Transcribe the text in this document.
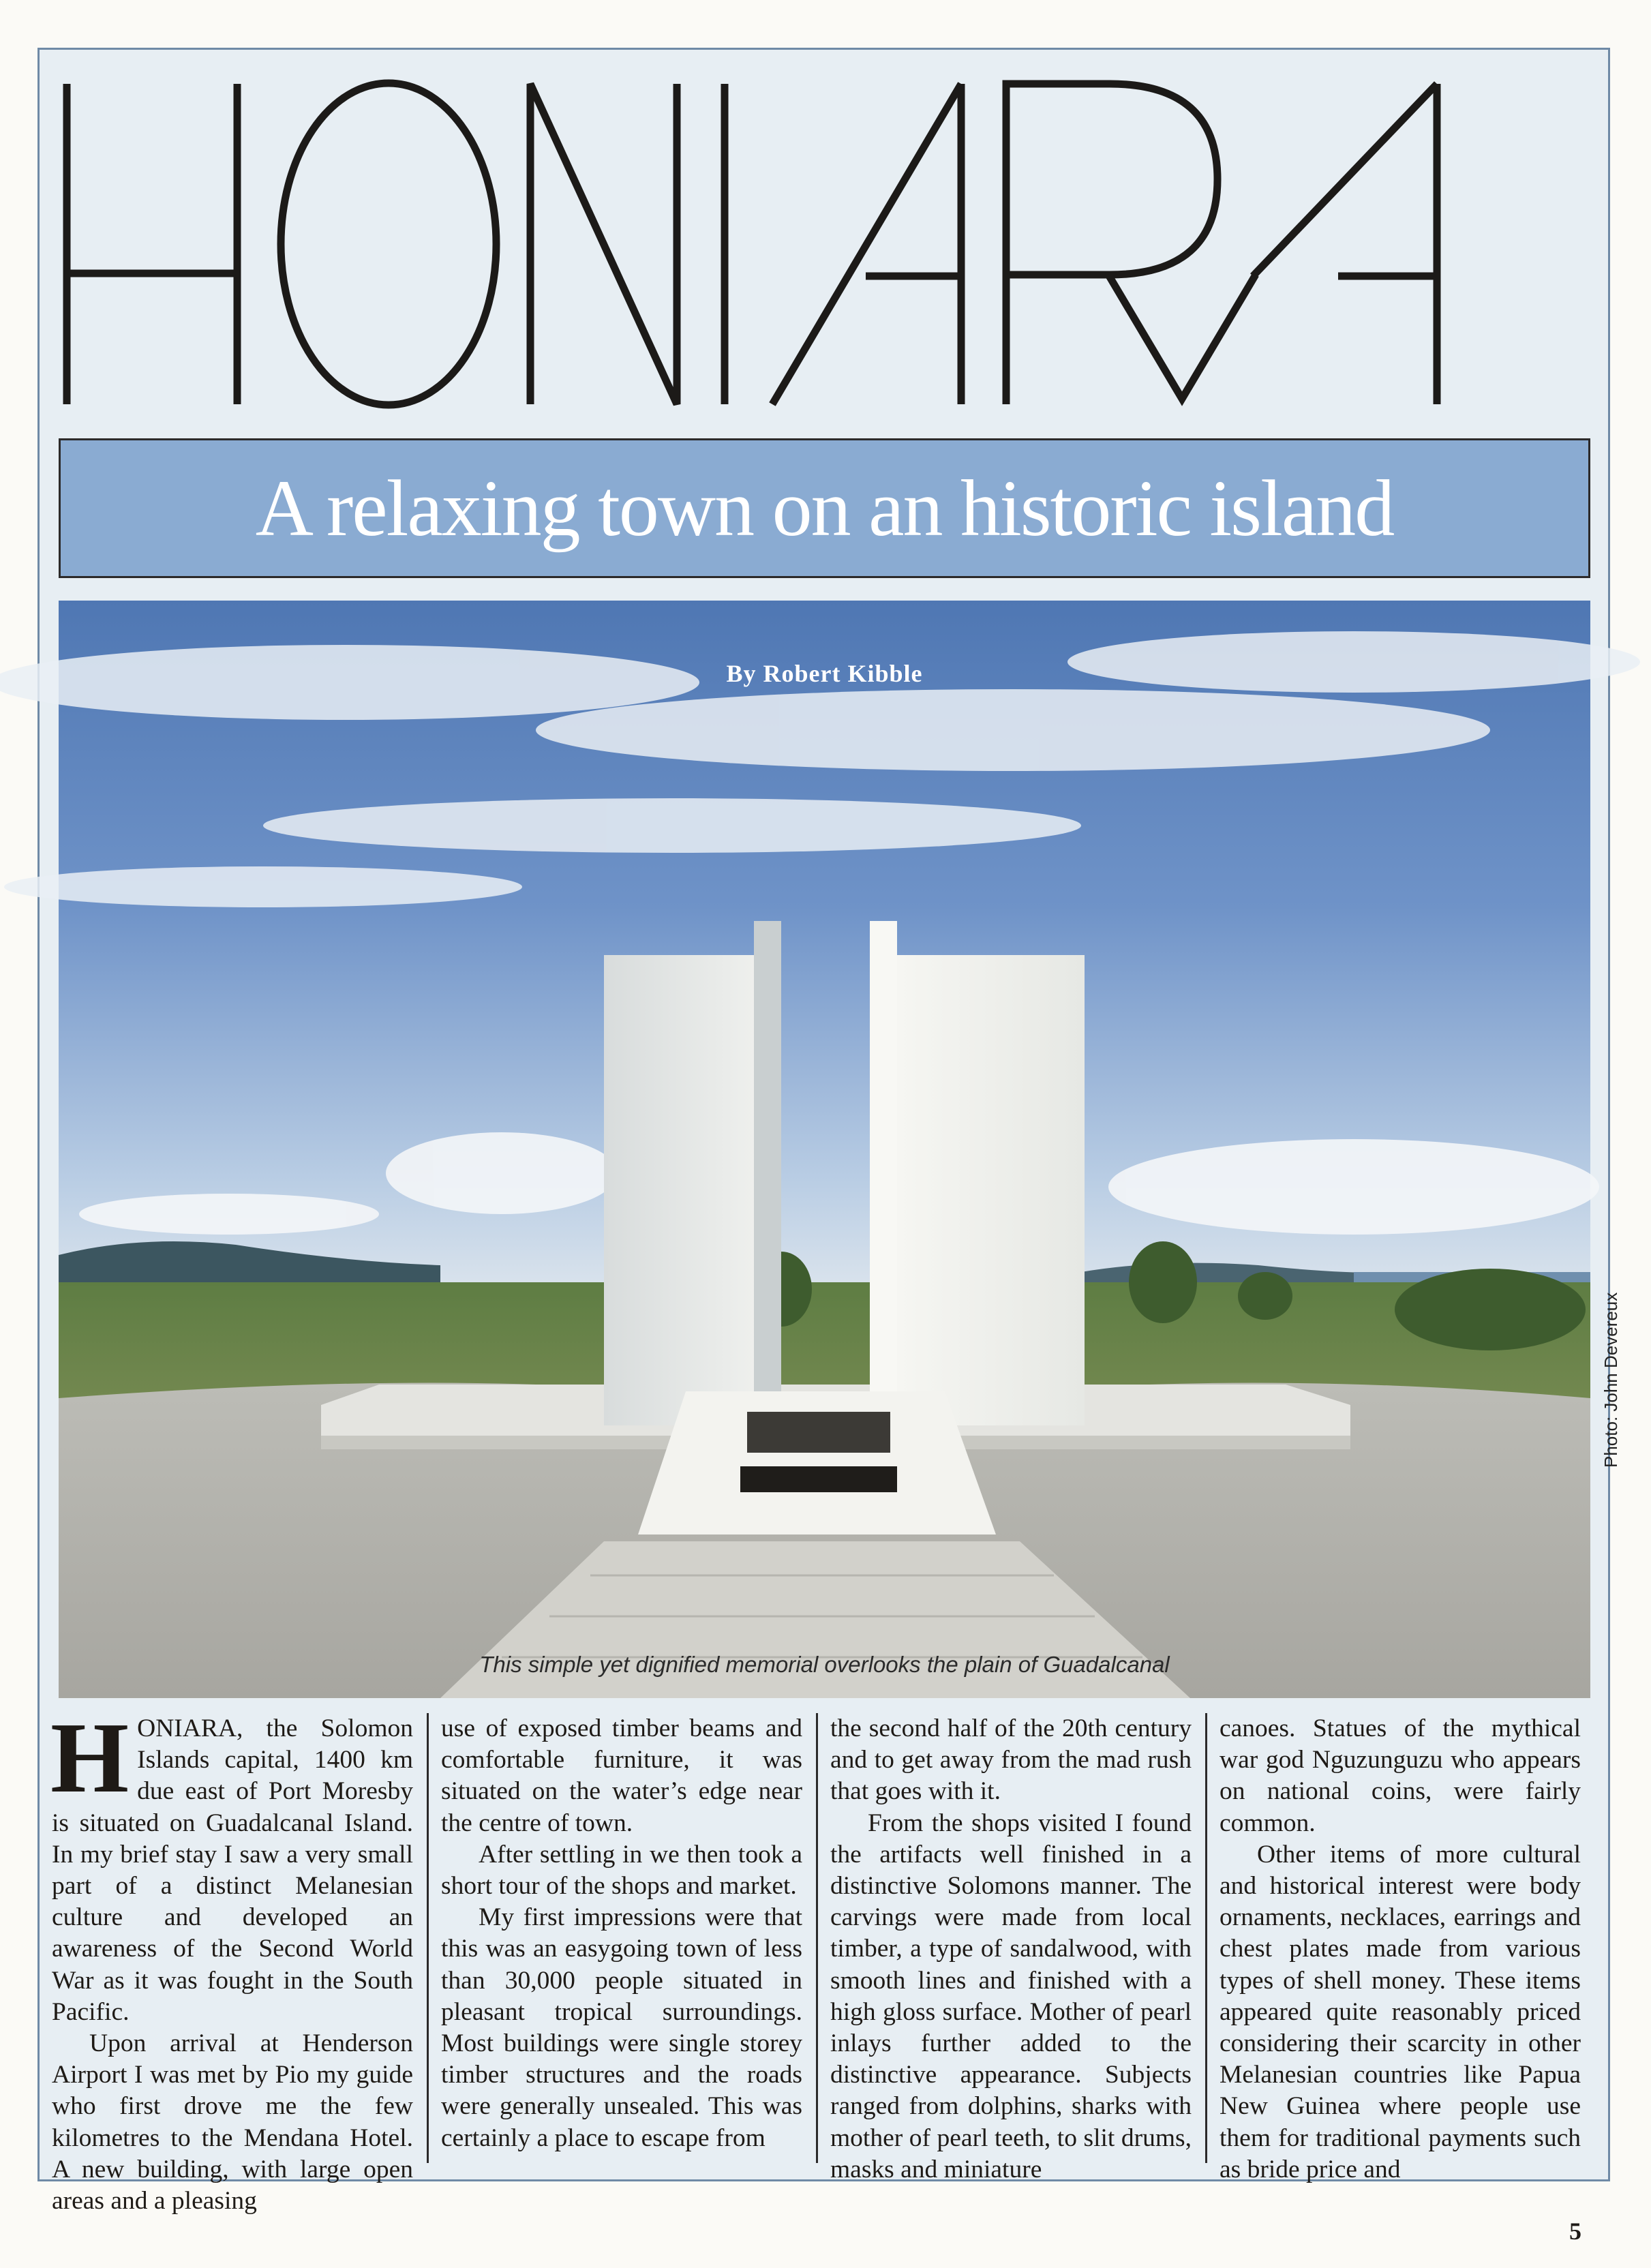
A relaxing town on an historic island
By Robert Kibble
This simple yet dignified memorial overlooks the plain of Guadalcanal
Photo: John Devereux

HONIARA, the Solomon Islands capital, 1400 km due east of Port Moresby is situated on Guadalcanal Island. In my brief stay I saw a very small part of a distinct Melanesian culture and developed an awareness of the Second World War as it was fought in the South Pacific.

Upon arrival at Henderson Airport I was met by Pio my guide who first drove me the few kilometres to the Mendana Hotel. A new building, with large open areas and a pleasing

use of exposed timber beams and comfortable furniture, it was situated on the water’s edge near the centre of town.

After settling in we then took a short tour of the shops and market.

My first impressions were that this was an easygoing town of less than 30,000 people situated in pleasant tropical surroundings. Most buildings were single storey timber structures and the roads were generally unsealed. This was certainly a place to escape from

the second half of the 20th century and to get away from the mad rush that goes with it.

From the shops visited I found the artifacts well finished in a distinctive Solomons manner. The carvings were made from local timber, a type of sandalwood, with smooth lines and finished with a high gloss surface. Mother of pearl inlays further added to the distinctive appearance. Subjects ranged from dolphins, sharks with mother of pearl teeth, to slit drums, masks and miniature

canoes. Statues of the mythical war god Nguzunguzu who appears on national coins, were fairly common.

Other items of more cultural and historical interest were body ornaments, necklaces, earrings and chest plates made from various types of shell money. These items appeared quite reasonably priced considering their scarcity in other Melanesian countries like Papua New Guinea where people use them for traditional payments such as bride price and

5
